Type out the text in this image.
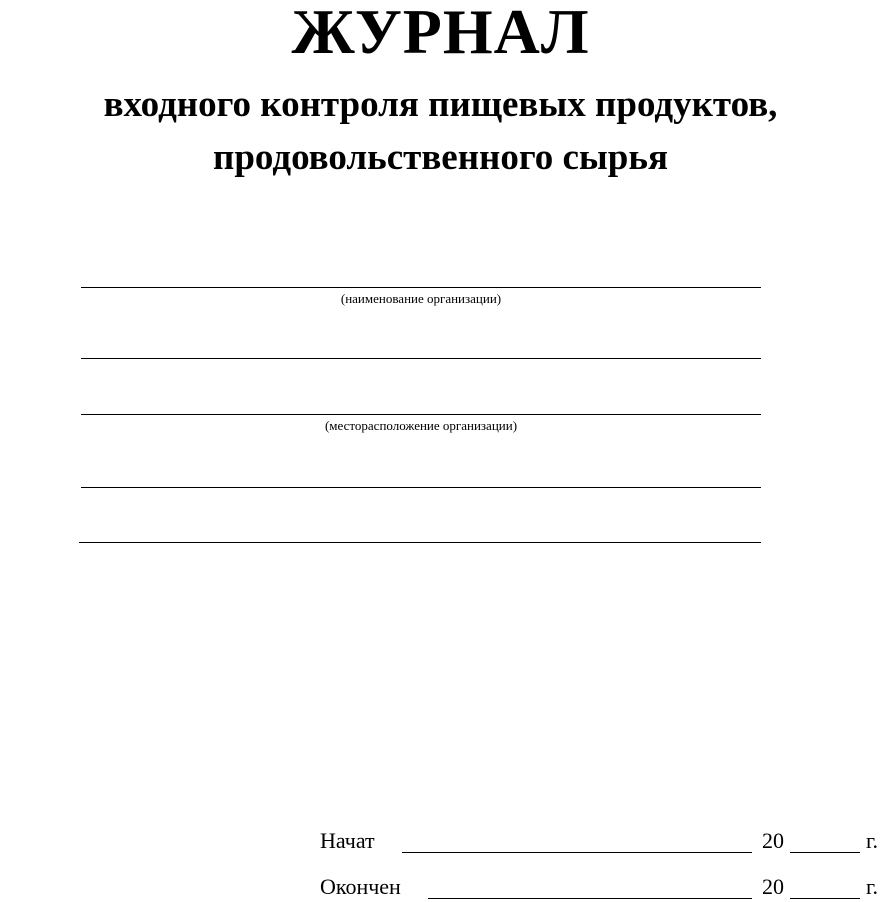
ЖУРНАЛ
входного контроля пищевых продуктов,
продовольственного сырья
(наименование организации)
(месторасположение организации)
Начат	20	г.
Окончен	20	г.
